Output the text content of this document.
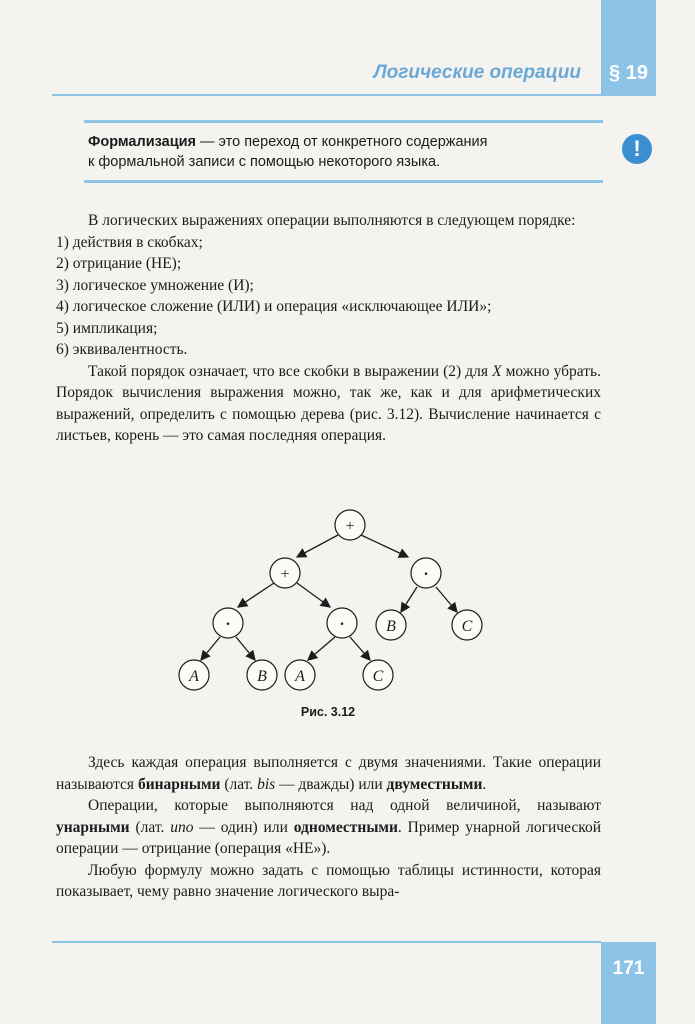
§ 19
Логические операции
Формализация — это переход от конкретного содержания
к формальной записи с помощью некоторого языка.
!

В логических выражениях операции выполняются в следующем порядке:

1) действия в скобках;

2) отрицание (НЕ);

3) логическое умножение (И);

4) логическое сложение (ИЛИ) и операция «исключающее ИЛИ»;

5) импликация;

6) эквивалентность.

Такой порядок означает, что все скобки в выражении (2) для X можно убрать. Порядок вычисления выражения можно, так же, как и для арифметических выражений, определить с помощью дерева (рис. 3.12). Вычисление начинается с листьев, корень — это самая последняя операция.

+
+	·
·	·	B	C
A	B A	C
Рис. 3.12

Здесь каждая операция выполняется с двумя значениями. Такие операции называются бинарными (лат. bis — дважды) или двуместными.

Операции, которые выполняются над одной величиной, называют унарными (лат. uno — один) или одноместными. Пример унарной логической операции — отрицание (операция «НЕ»).

Любую формулу можно задать с помощью таблицы истинности, которая показывает, чему равно значение логического выра-

171
